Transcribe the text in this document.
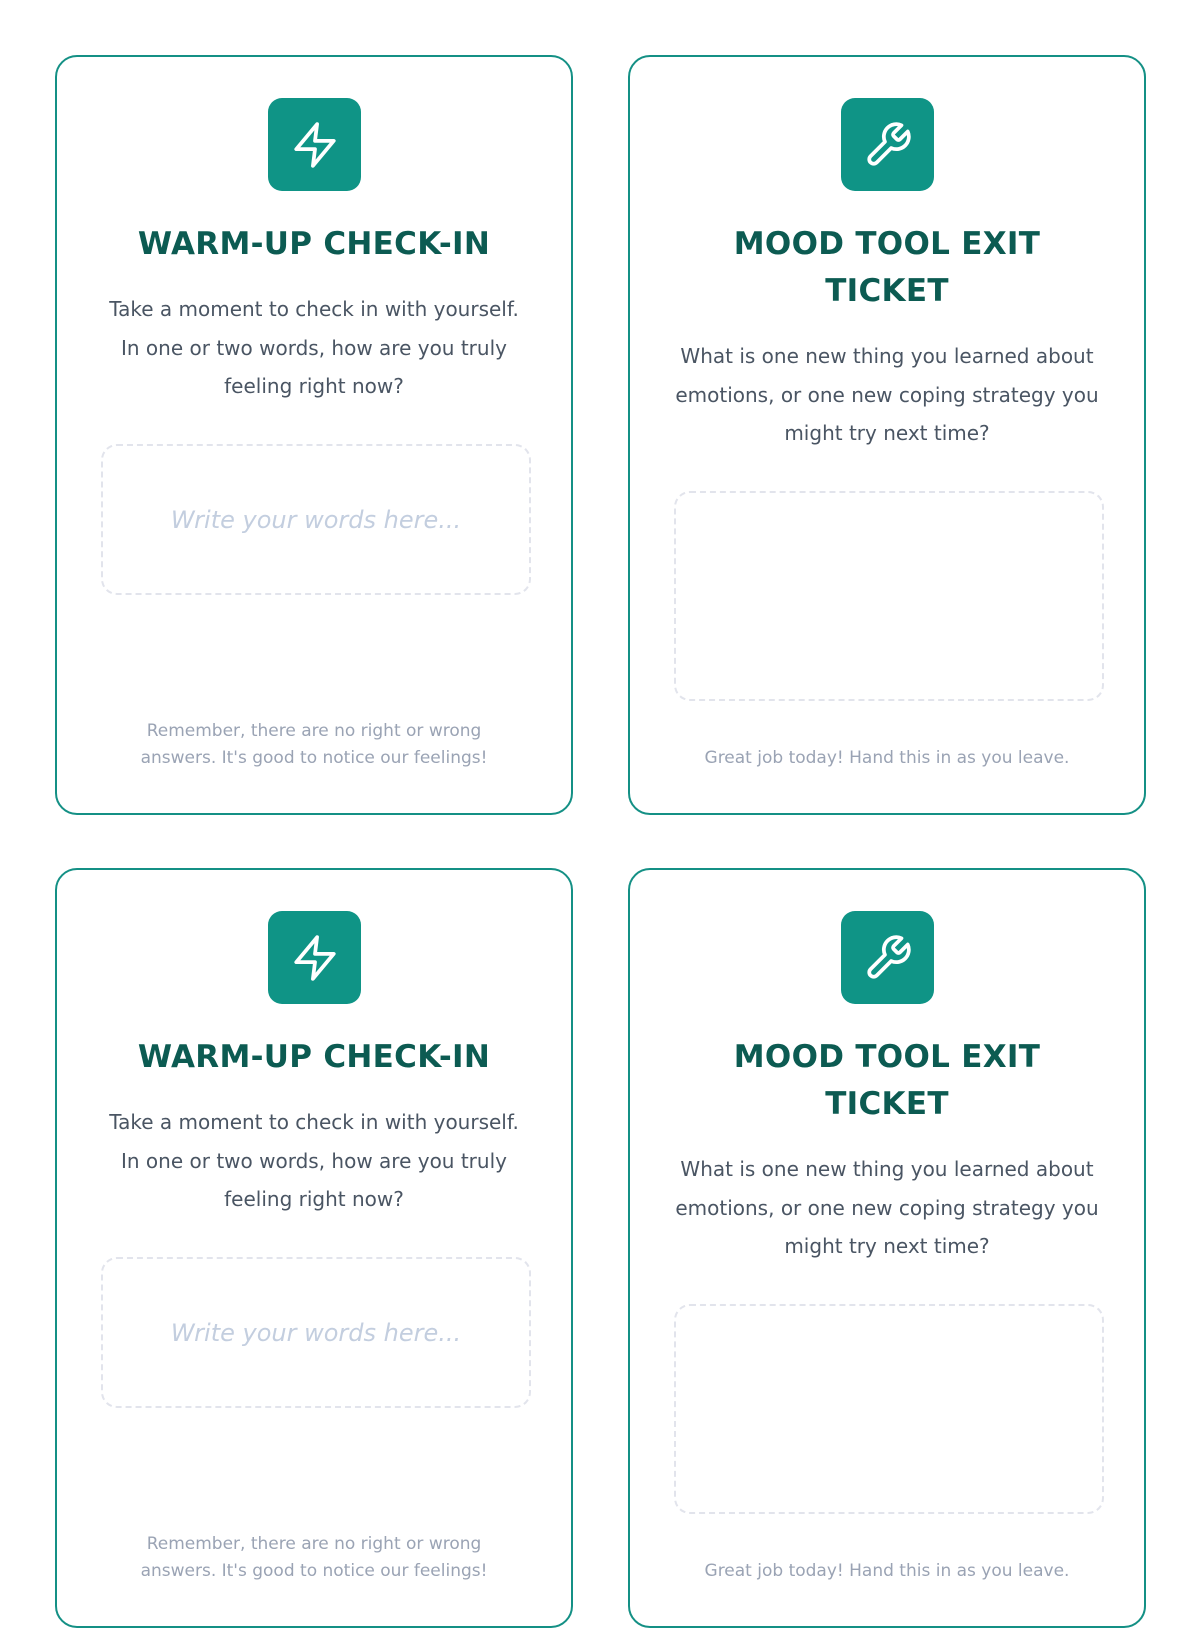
WARM-UP CHECK-IN

Take a moment to check in with yourself. In one or two words, how are you truly feeling right now?

Write your words here...

Remember, there are no right or wrong answers. It's good to notice our feelings!

MOOD TOOL EXIT TICKET

What is one new thing you learned about emotions, or one new coping strategy you might try next time?

Great job today! Hand this in as you leave.

WARM-UP CHECK-IN

Take a moment to check in with yourself. In one or two words, how are you truly feeling right now?

Write your words here...

Remember, there are no right or wrong answers. It's good to notice our feelings!

MOOD TOOL EXIT TICKET

What is one new thing you learned about emotions, or one new coping strategy you might try next time?

Great job today! Hand this in as you leave.
